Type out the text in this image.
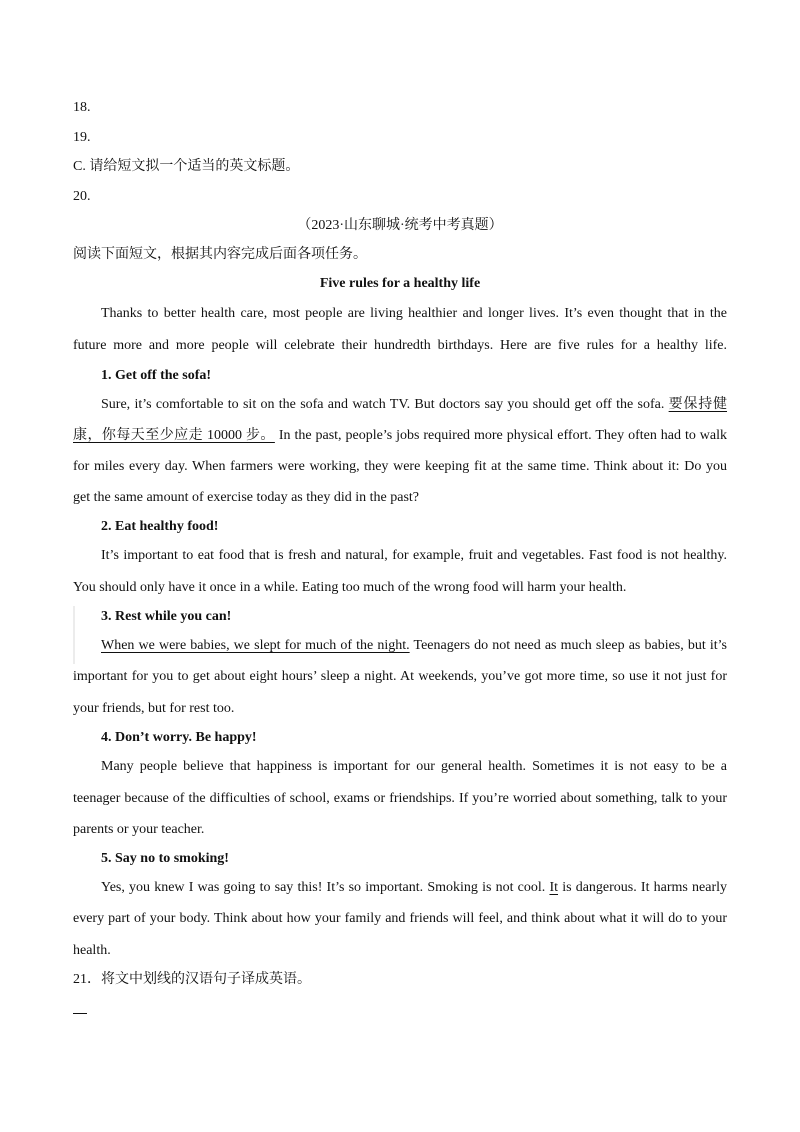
18.
19.
C. 请给短文拟一个适当的英文标题。
20.
（2023·山东聊城·统考中考真题）
阅读下面短文，根据其内容完成后面各项任务。
Five rules for a healthy life
Thanks to better health care, most people are living healthier and longer lives. It’s even thought that in the
future more and more people will celebrate their hundredth birthdays. Here are five rules for a healthy life.
1. Get off the sofa!
Sure, it’s comfortable to sit on the sofa and watch TV. But doctors say you should get off the sofa. 要保持健
康，你每天至少应走 10000 步。 In the past, people’s jobs required more physical effort. They often had to walk
for miles every day. When farmers were working, they were keeping fit at the same time. Think about it: Do you
get the same amount of exercise today as they did in the past?
2. Eat healthy food!
It’s important to eat food that is fresh and natural, for example, fruit and vegetables. Fast food is not healthy.
You should only have it once in a while. Eating too much of the wrong food will harm your health.
3. Rest while you can!
When we were babies, we slept for much of the night. Teenagers do not need as much sleep as babies, but it’s
important for you to get about eight hours’ sleep a night. At weekends, you’ve got more time, so use it not just for
your friends, but for rest too.
4. Don’t worry. Be happy!
Many people believe that happiness is important for our general health. Sometimes it is not easy to be a
teenager because of the difficulties of school, exams or friendships. If you’re worried about something, talk to your
parents or your teacher.
5. Say no to smoking!
Yes, you knew I was going to say this! It’s so important. Smoking is not cool. It is dangerous. It harms nearly
every part of your body. Think about how your family and friends will feel, and think about what it will do to your
health.
21．将文中划线的汉语句子译成英语。
